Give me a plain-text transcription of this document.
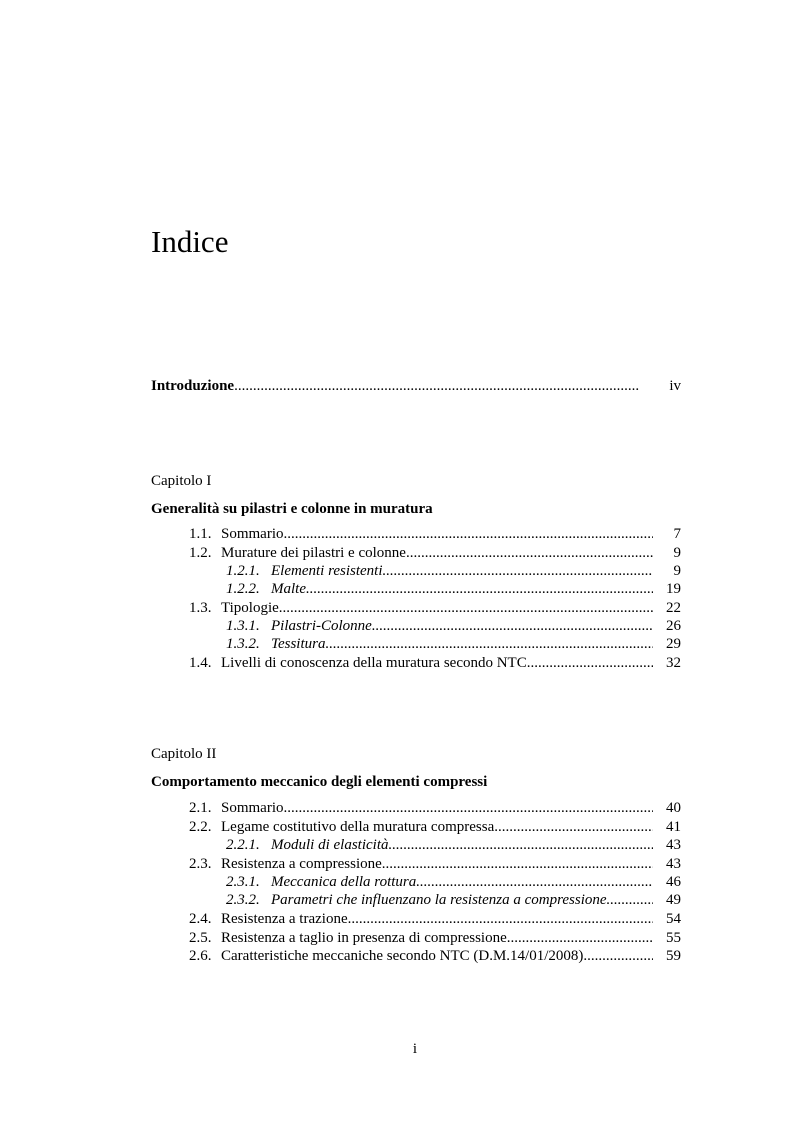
Indice
Introduzione .....	iv
Capitolo I
Generalità su pilastri e colonne in muratura
1.1. Sommario .....	7
1.2. Murature dei pilastri e colonne .....	9
1.2.1. Elementi resistenti .....	9
1.2.2. Malte .....	19
1.3. Tipologie .....	22
1.3.1. Pilastri-Colonne .....	26
1.3.2. Tessitura .....	29
1.4. Livelli di conoscenza della muratura secondo NTC .....	32
Capitolo II
Comportamento meccanico degli elementi compressi
2.1. Sommario .....	40
2.2. Legame costitutivo della muratura compressa .....	41
2.2.1. Moduli di elasticità .....	43
2.3. Resistenza a compressione .....	43
2.3.1. Meccanica della rottura .....	46
2.3.2. Parametri che influenzano la resistenza a compressione .....	49
2.4. Resistenza a trazione .....	54
2.5. Resistenza a taglio in presenza di compressione .....	55
2.6. Caratteristiche meccaniche secondo NTC (D.M.14/01/2008) .....	59
i
